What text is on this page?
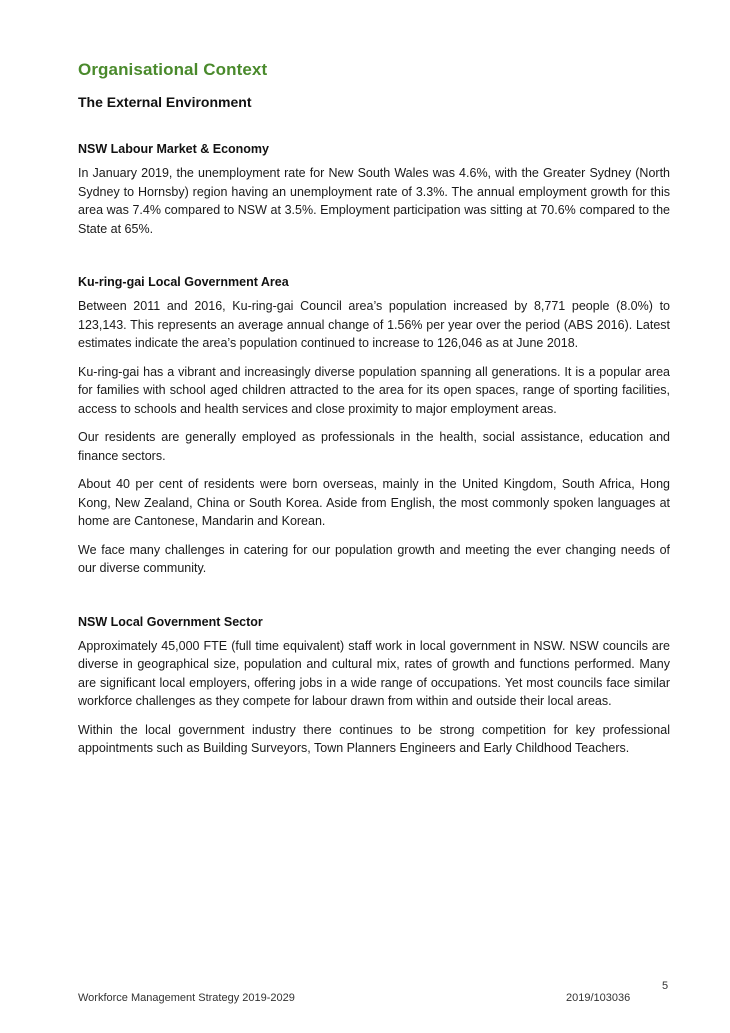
Organisational Context
The External Environment
NSW Labour Market & Economy

In January 2019, the unemployment rate for New South Wales was 4.6%, with the Greater Sydney (North Sydney to Hornsby) region having an unemployment rate of 3.3%. The annual employment growth for this area was 7.4% compared to NSW at 3.5%. Employment participation was sitting at 70.6% compared to the State at 65%.

Ku-ring-gai Local Government Area

Between 2011 and 2016, Ku-ring-gai Council area’s population increased by 8,771 people (8.0%) to 123,143. This represents an average annual change of 1.56% per year over the period (ABS 2016). Latest estimates indicate the area’s population continued to increase to 126,046 as at June 2018.

Ku-ring-gai has a vibrant and increasingly diverse population spanning all generations. It is a popular area for families with school aged children attracted to the area for its open spaces, range of sporting facilities, access to schools and health services and close proximity to major employment areas.

Our residents are generally employed as professionals in the health, social assistance, education and finance sectors.

About 40 per cent of residents were born overseas, mainly in the United Kingdom, South Africa, Hong Kong, New Zealand, China or South Korea. Aside from English, the most commonly spoken languages at home are Cantonese, Mandarin and Korean.

We face many challenges in catering for our population growth and meeting the ever changing needs of our diverse community.

NSW Local Government Sector

Approximately 45,000 FTE (full time equivalent) staff work in local government in NSW. NSW councils are diverse in geographical size, population and cultural mix, rates of growth and functions performed. Many are significant local employers, offering jobs in a wide range of occupations. Yet most councils face similar workforce challenges as they compete for labour drawn from within and outside their local areas.

Within the local government industry there continues to be strong competition for key professional appointments such as Building Surveyors, Town Planners Engineers and Early Childhood Teachers.

5
Workforce Management Strategy 2019-2029	2019/103036
